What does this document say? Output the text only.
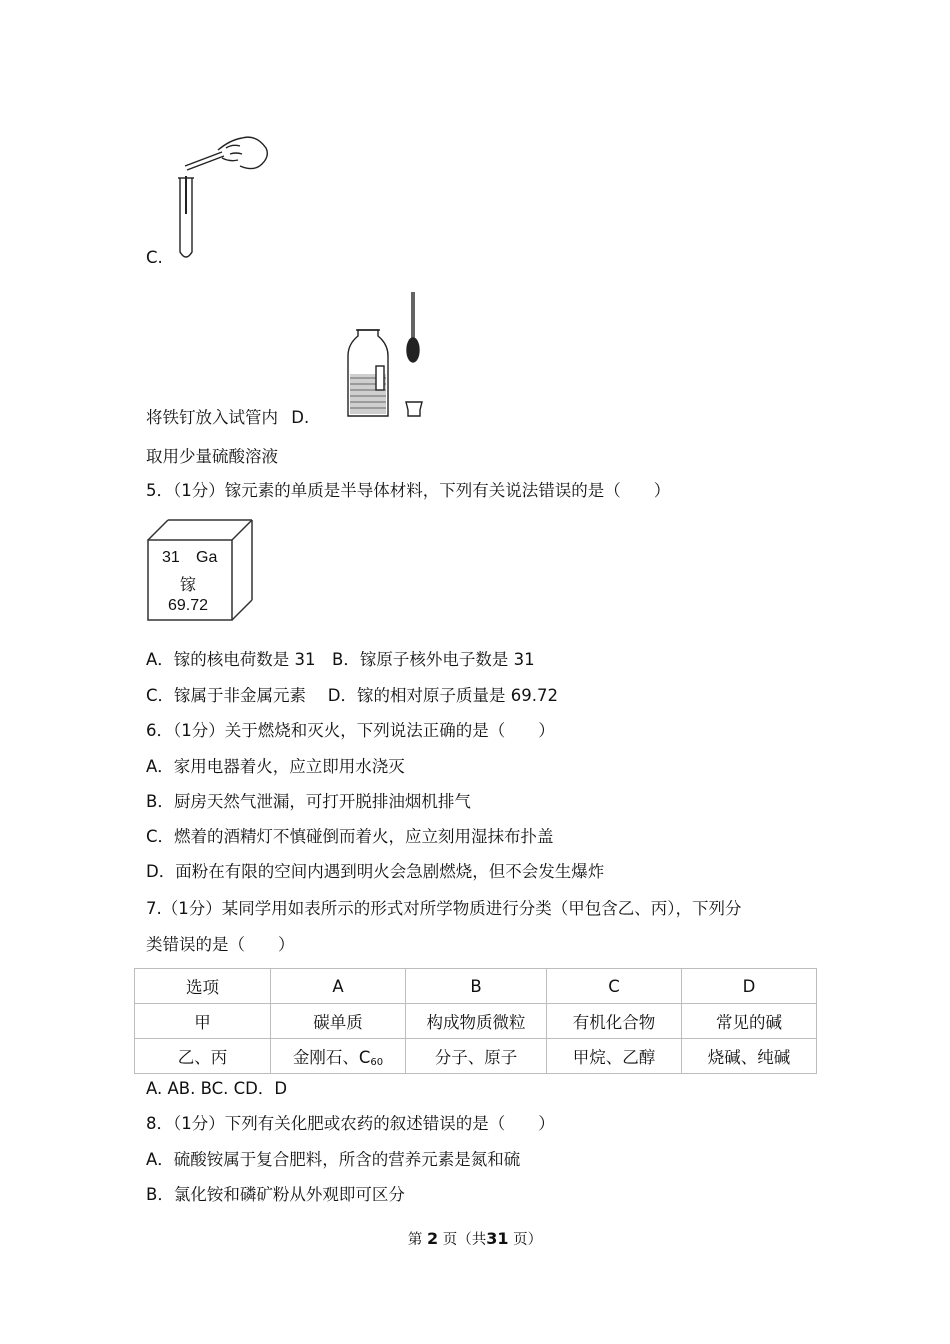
C.
将铁钉放入试管内 D.
取用少量硫酸溶液
5．（1分）镓元素的单质是半导体材料，下列有关说法错误的是（　　）
31 Ga
镓
69.72
A．镓的核电荷数是 31　B．镓原子核外电子数是 31
C．镓属于非金属元素　 D．镓的相对原子质量是 69.72
6．（1分）关于燃烧和灭火，下列说法正确的是（　　）
A．家用电器着火，应立即用水浇灭
B．厨房天然气泄漏，可打开脱排油烟机排气
C．燃着的酒精灯不慎碰倒而着火，应立刻用湿抹布扑盖
D．面粉在有限的空间内遇到明火会急剧燃烧，但不会发生爆炸
7.（1分）某同学用如表所示的形式对所学物质进行分类（甲包含乙、丙），下列分
类错误的是（　　）
选项	A	B	C	D
甲	碳单质	构成物质微粒	有机化合物	常见的碱
乙、丙	金刚石、$C_{60}$	分子、原子	甲烷、乙醇	烧碱、纯碱
A. AB. BC. CD．D
8．（1分）下列有关化肥或农药的叙述错误的是（　　）
A．硫酸铵属于复合肥料，所含的营养元素是氮和硫
B．氯化铵和磷矿粉从外观即可区分
第 2 页（共31 页）
